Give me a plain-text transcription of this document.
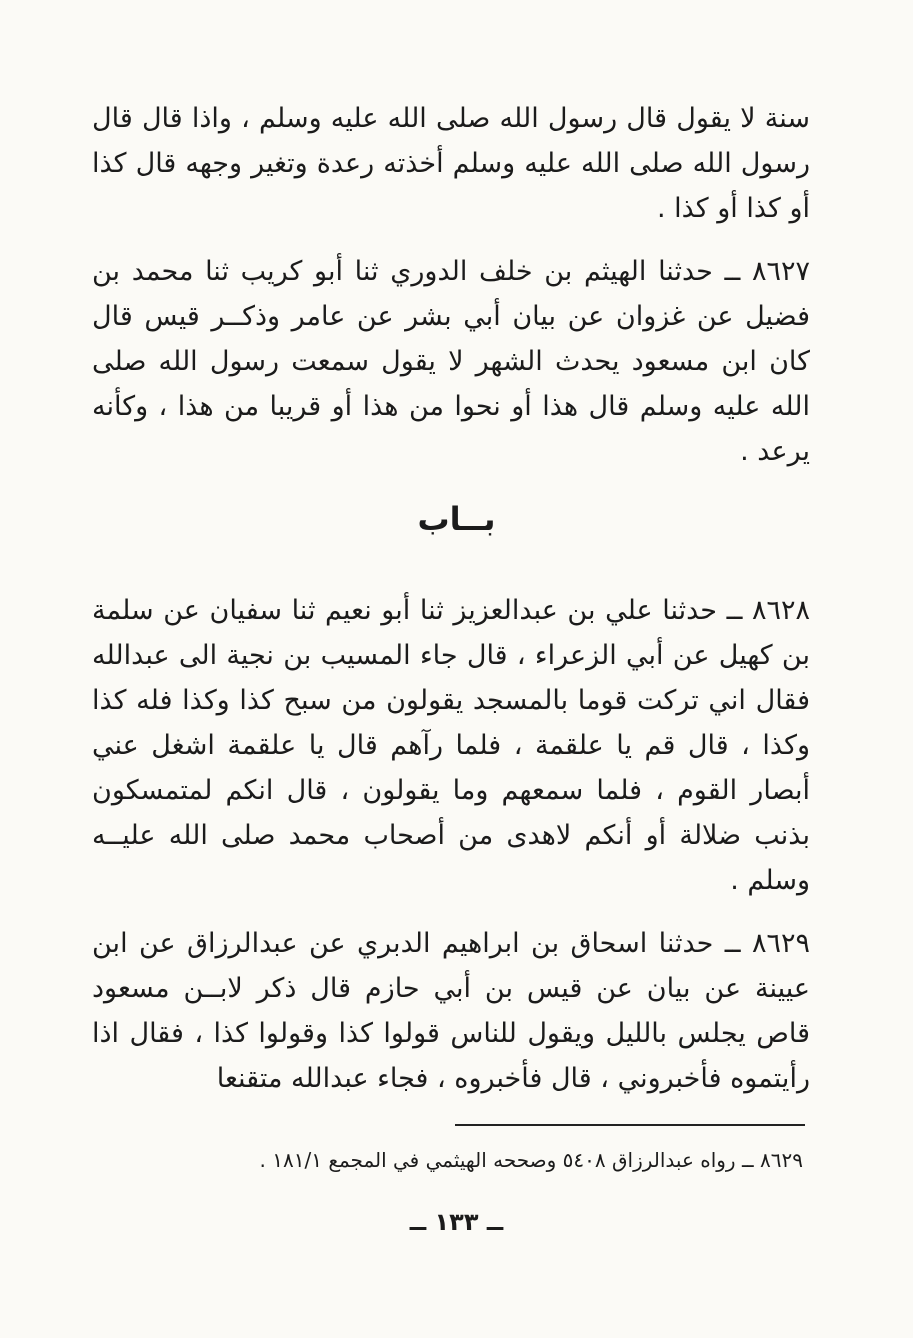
سنة لا يقول قال رسول الله صلى الله عليه وسلم ، واذا قال قال رسول الله صلى الله عليه وسلم أخذته رعدة وتغير وجهه قال كذا أو كذا أو كذا .

٨٦٢٧ ــ حدثنا الهيثم بن خلف الدوري ثنا أبو كريب ثنا محمد بن فضيل عن غزوان عن بيان أبي بشر عن عامر وذكــر قيس قال كان ابن مسعود يحدث الشهر لا يقول سمعت رسول الله صلى الله عليه وسلم قال هذا أو نحوا من هذا أو قريبا من هذا ، وكأنه يرعد .

بــاب

٨٦٢٨ ــ حدثنا علي بن عبدالعزيز ثنا أبو نعيم ثنا سفيان عن سلمة بن كهيل عن أبي الزعراء ، قال جاء المسيب بن نجية الى عبدالله فقال اني تركت قوما بالمسجد يقولون من سبح كذا وكذا فله كذا وكذا ، قال قم يا علقمة ، فلما رآهم قال يا علقمة اشغل عني أبصار القوم ، فلما سمعهم وما يقولون ، قال انكم لمتمسكون بذنب ضلالة أو أنكم لاهدى من أصحاب محمد صلى الله عليــه وسلم .

٨٦٢٩ ــ حدثنا اسحاق بن ابراهيم الدبري عن عبدالرزاق عن ابن عيينة عن بيان عن قيس بن أبي حازم قال ذكر لابــن مسعود قاص يجلس بالليل ويقول للناس قولوا كذا وقولوا كذا ، فقال اذا رأيتموه فأخبروني ، قال فأخبروه ، فجاء عبدالله متقنعا

٨٦٢٩ ــ رواه عبدالرزاق ٥٤٠٨ وصححه الهيثمي في المجمع ١٨١/١ .
ــ ١٣٣ ــ
